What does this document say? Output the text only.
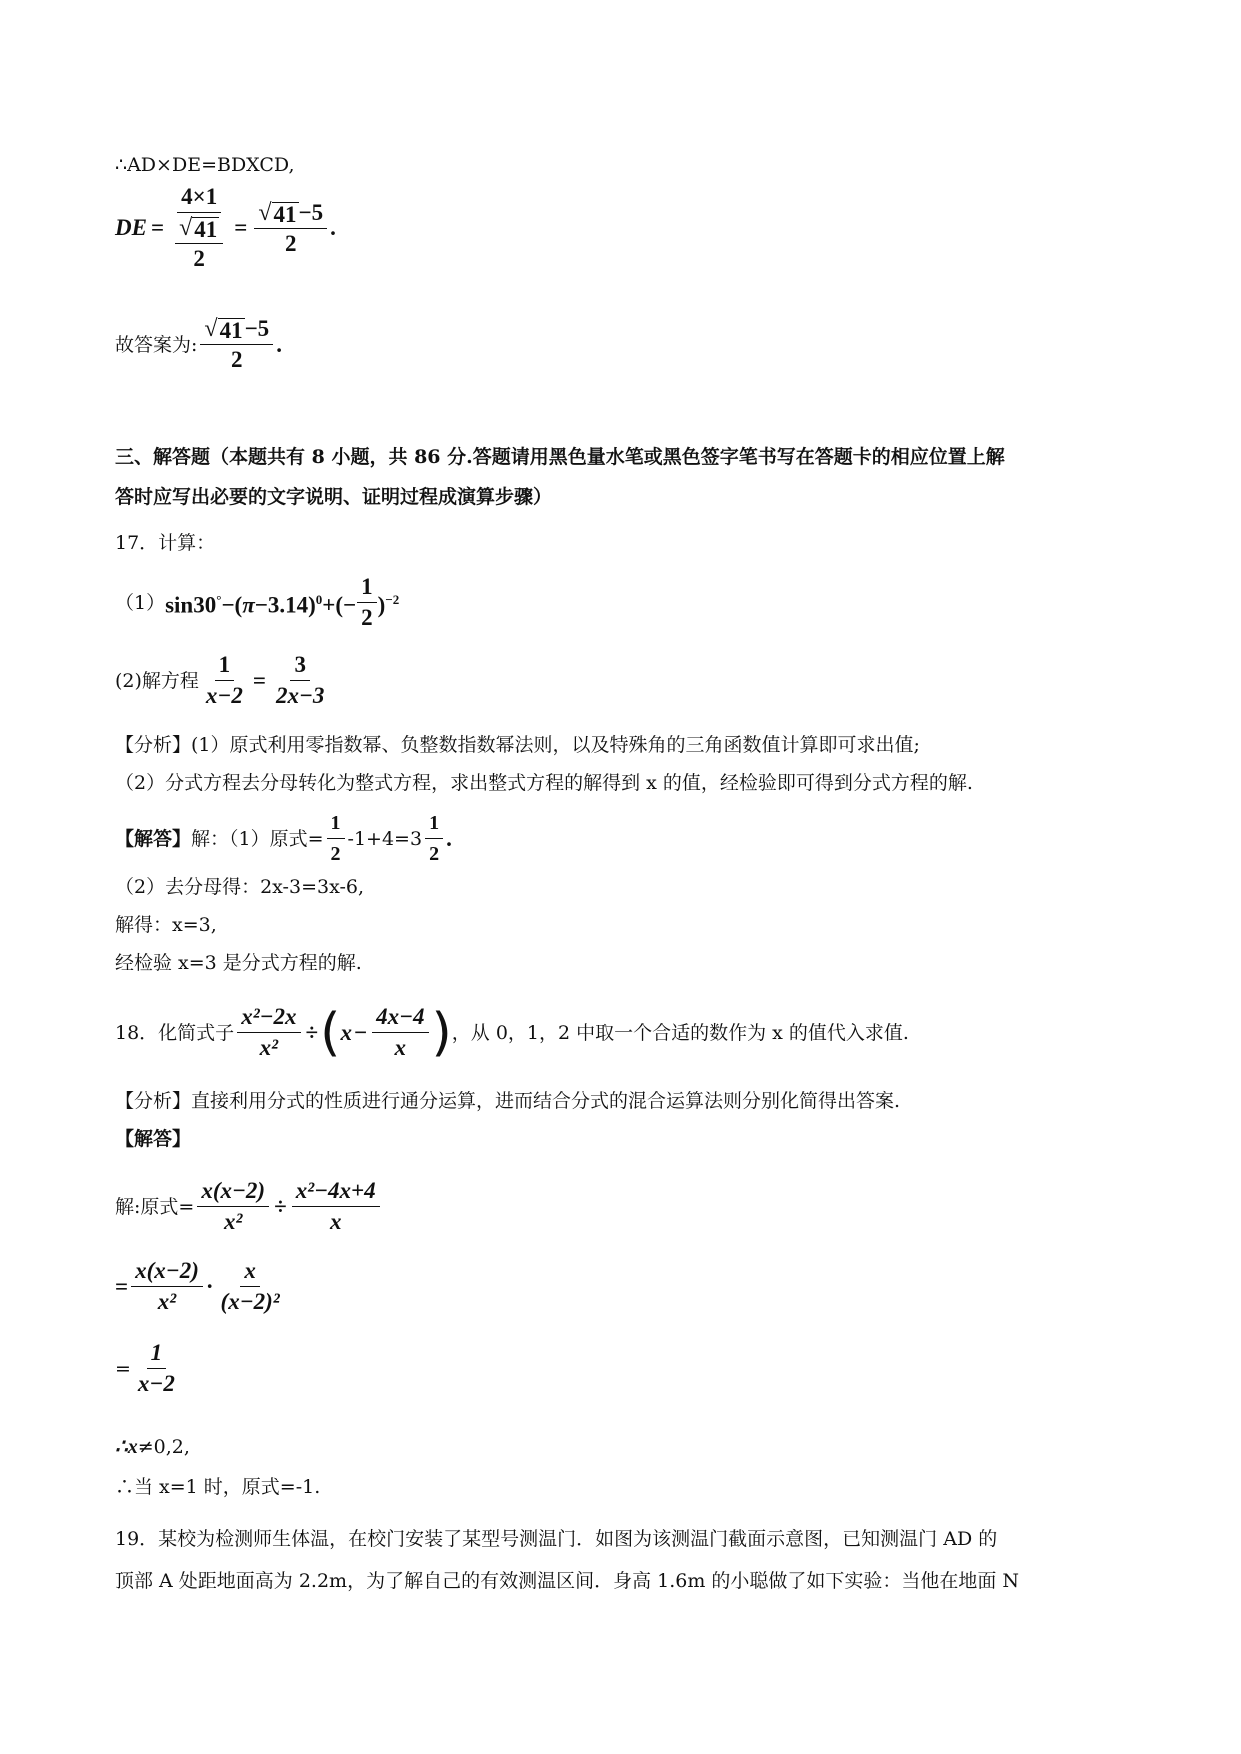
∴AD×DE=BDXCD,
DE = $\frac{4\times 1}{\frac{√ 41}{2}} = \frac{√ 41 -5}{2}$ .
故答案为: $\frac{√ 41 -5}{2}$ .
三、解答题（本题共有 8 小题，共 86 分.答题请用黑色量水笔或黑色签字笔书写在答题卡的相应位置上解
答时应写出必要的文字说明、证明过程成演算步骤）
17．计算：
（1） $\sin 30^\circ-(\pi-3.14)^0+(- \frac{1}{2} )^{-2}$
(2)解方程 $\frac{1}{x-2} = \frac{3}{2x-3}$
【分析】(1）原式利用零指数幂、负整数指数幂法则，以及特殊角的三角函数值计算即可求出值;
（2）分式方程去分母转化为整式方程，求出整式方程的解得到 x 的值，经检验即可得到分式方程的解.
【解答】 解：（1）原式= $\frac{1}{2} -1+4=3 \frac{1}{2}$ .
（2）去分母得：2x-3=3x-6,
解得：x=3,
经检验 x=3 是分式方程的解.
18．化简式子 $\frac{\text{x²−2x}}{\text{x²}}$ ÷ ( $x - \frac{4x-4}{x}$ ) ，从 0，1，2 中取一个合适的数作为 x 的值代入求值.
【分析】直接利用分式的性质进行通分运算，进而结合分式的混合运算法则分别化简得出答案.
【解答】
解:原式= $\frac{x(x-2)}{\text{x²}} \div \frac{\text{x²−4x+4}}{x}$
= $\frac{x(x-2)}{\text{x²}} \cdot \frac{x}{\text{(x−2)²}}$
= $\frac{1}{x-2}$
∴x≠0,2,
∴当 x=1 时，原式=-1.
19．某校为检测师生体温，在校门安装了某型号测温门．如图为该测温门截面示意图，已知测温门 AD 的
顶部 A 处距地面高为 2.2m，为了解自己的有效测温区间．身高 1.6m 的小聪做了如下实验：当他在地面 N
